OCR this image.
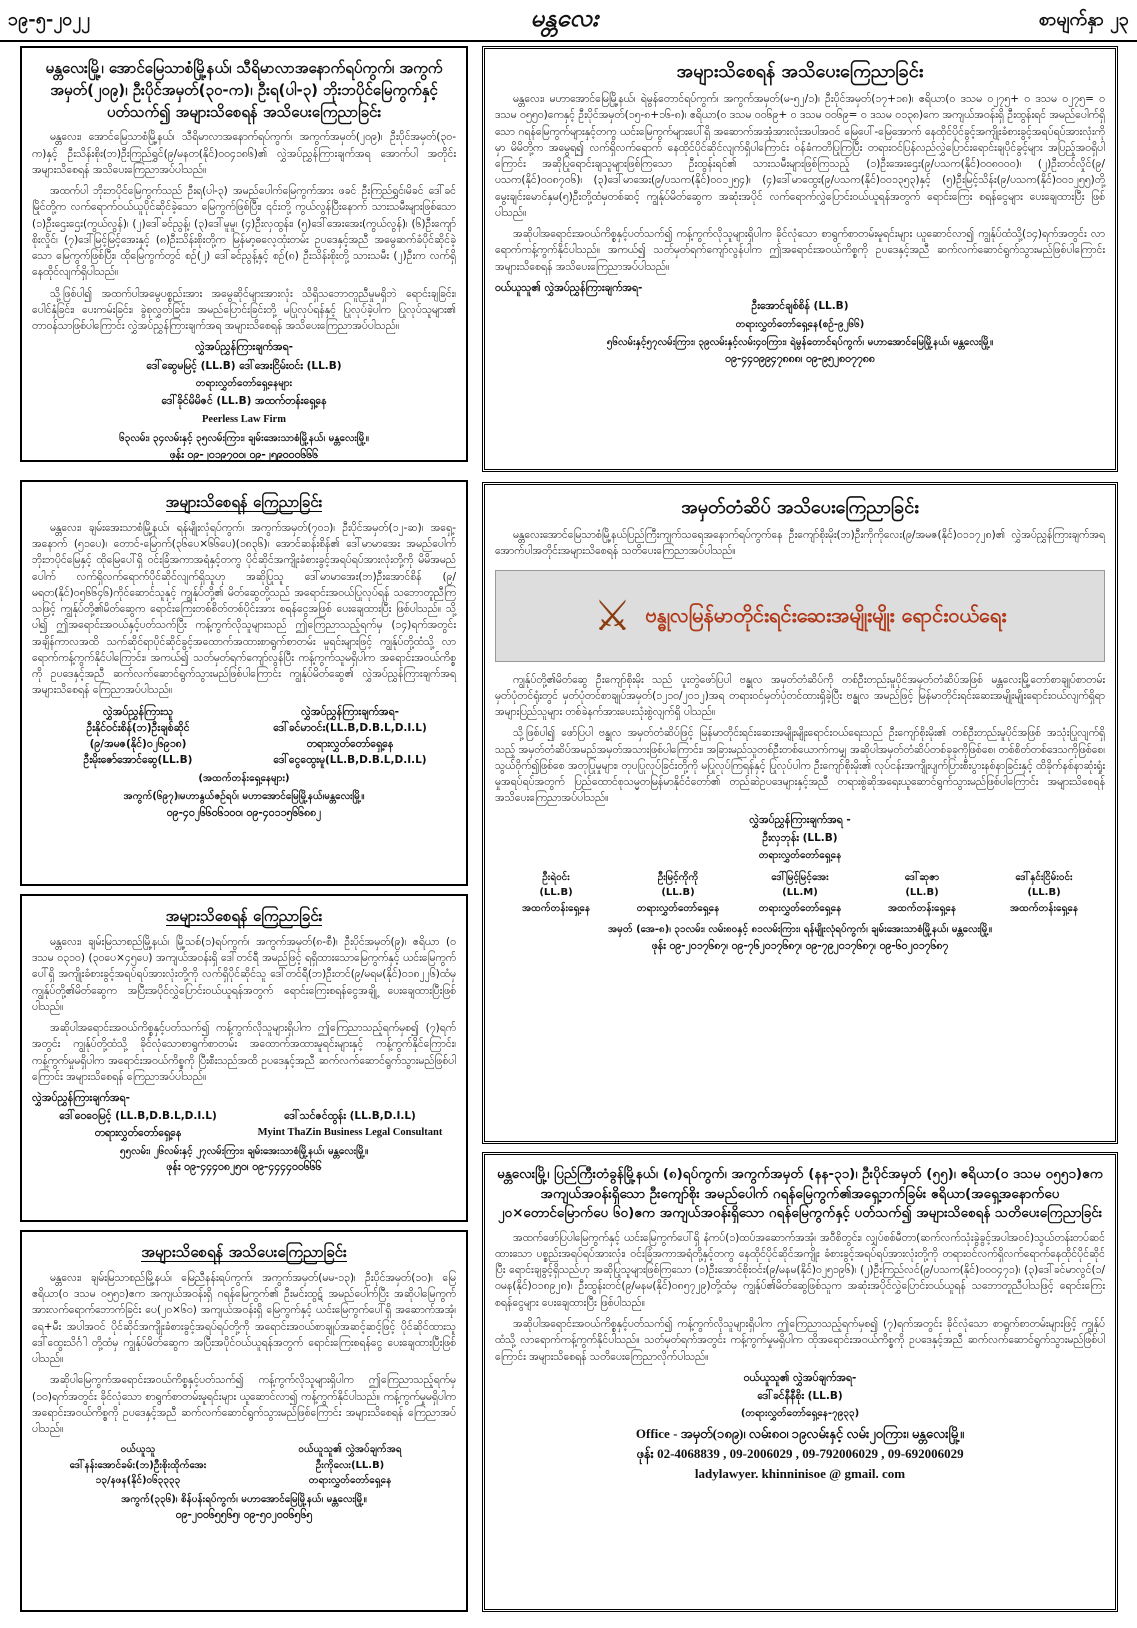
၁၉-၅-၂၀၂၂	မန္တလေး	စာမျက်နှာ ၂၃
မန္တလေးမြို့၊ အောင်မြေသာစံမြို့နယ်၊ သီရိမာလာအနောက်ရပ်ကွက်၊ အကွက်အမှတ်(၂၀၉)၊ ဦးပိုင်အမှတ်(၃၀-က)၊ ဦးရ(ပါ-၃) ဘိုးဘပိုင်မြေကွက်နှင့် ပတ်သက်၍ အများသိစေရန် အသိပေးကြေညာခြင်း

မန္တလေး၊ အောင်မြေသာစံမြို့နယ်၊ သီရိမာလာအနောက်ရပ်ကွက်၊ အကွက်အမှတ်(၂၀၉)၊ ဦးပိုင်အမှတ်(၃၀-က)နှင့် ဦးသိန်းစိုး(ဘ)ဦးကြည်ရွှင်(၉/မနတ(နိုင်)၀၀၄၁၈၆)၏ လွှဲအပ်ညွှန်ကြားချက်အရ အောက်ပါ အတိုင်း အများသိစေရန် အသိပေးကြေညာအပ်ပါသည်။

အထက်ပါ ဘိုးဘပိုင်မြေကွက်သည် ဦးရ(ပါ-၃) အမည်ပေါက်မြေကွက်အား ဖခင် ဦးကြည်ရွှင်၊မိခင် ဒေါ်ခင်မြိုင်တို့က လက်ရောက်ဝယ်ယူပိုင်ဆိုင်ခဲ့သော မြေကွက်ဖြစ်ပြီး၊ ၎င်းတို့ ကွယ်လွန်ပြီးနောက် သားသမီးများဖြစ်သော (၁)ဦးဌေးဌေး(ကွယ်လွန်)၊ (၂)ဒေါ်ခင်ညွန့်၊ (၃)ဒေါ်မူမူ၊ (၄)ဦးလှထွန်း၊ (၅)ဒေါ်အေးအေး(ကွယ်လွန်)၊ (၆)ဦးကျော်စိုးလှိုင်၊ (၇)ဒေါ်မြင့်မြင့်အေးနှင့် (၈)ဦးသိန်းစိုးတို့က မြန်မာ့ဓလေ့ထုံးတမ်း ဥပဒေနှင့်အညီ အမွေဆက်ခံပိုင်ဆိုင်ခဲ့သော မြေကွက်ဖြစ်ပြီး၊ ထိုမြေကွက်တွင် စဉ်(၂) ဒေါ်ခင်ညွန့်နှင့် စဉ်(၈) ဦးသိန်းစိုးတို့ သားသမီး (၂)ဦးက လက်ရှိနေထိုင်လျက်ရှိပါသည်။

သို့ဖြစ်ပါ၍ အထက်ပါအမွေပစ္စည်းအား အမွေဆိုင်များအားလုံး သိရှိသဘောတူညီမှုမရှိဘဲ ရောင်းချခြင်း၊ ပေါင်နှံခြင်း၊ ပေးကမ်းခြင်း၊ ခွဲစုလွှတ်ခြင်း၊ အမည်ပြောင်းခြင်းတို့ မပြုလုပ်ရန်နှင့် ပြုလုပ်ခဲ့ပါက ပြုလုပ်သူများ၏ တာဝန်သာဖြစ်ပါကြောင်း လွှဲအပ်ညွှန်ကြားချက်အရ အများသိစေရန် အသိပေးကြေညာအပ်ပါသည်။

လွှဲအပ်ညွှန်ကြားချက်အရ-
ဒေါ်ဆွေမမြင့် (LL.B) ဒေါ်အေးငြိမ်းဝင်း (LL.B)
တရားလွှတ်တော်ရှေ့နေများ
ဒေါ်ခိုင်မိမိဇင် (LL.B) အထက်တန်းရှေ့နေ
Peerless Law Firm
၆၃လမ်း၊ ၃၄လမ်းနှင့် ၃၅လမ်းကြား၊ ချမ်းအေးသာစံမြို့နယ်၊ မန္တလေးမြို့။
ဖုန်း ၀၉-၂၀၁၉၇၀၀၊ ၀၉-၂၅၉၀၀၀၆၆၆
အများသိစေရန် အသိပေးကြေညာခြင်း

မန္တလေး၊ မဟာအောင်မြေမြို့နယ်၊ ရဲမွန်တောင်ရပ်ကွက်၊ အကွက်အမှတ်(မ-၅၂/၁)၊ ဦးပိုင်အမှတ်(၁၇+၁၈)၊ ဧရိယာ(၀ ဒသမ ၀၂၇၅+ ၀ ဒသမ ၀၂၇၅= ၀ ဒသမ ၀၅၅၀)ကေနှင့် ဦးပိုင်အမှတ်(၁၅-၈+၁၆-၈)၊ ဧရိယာ(၀ ဒသမ ၀၀၆၉+ ၀ ဒသမ ၀၀၆၉= ၀ ဒသမ ၀၁၃၈)ကေ အကျယ်အဝန်းရှိ ဦးထွန်းရင် အမည်ပေါက်ရှိသော ဂရန်မြေကွက်များနှင့်တကွ ယင်းမြေကွက်များပေါ်ရှိ အဆောက်အအုံအားလုံးအပါအဝင် မြေပေါ်-မြေအောက် နေထိုင်ပိုင်ခွင့်အကျိုးခံစားခွင့်အရပ်ရပ်အားလုံးကိုမှာ မိမိတို့က အမွေရ၍ လက်ရှိလက်ရောက် နေထိုင်ပိုင်ဆိုင်လျက်ရှိပါကြောင်း ဝန်ခံကတိပြုကြပြီး တရားဝင်ပြန်လည်လွှဲပြောင်းရောင်းချပိုင်ခွင့်များ အပြည့်အဝရှိပါကြောင်း အဆိုပြုရောင်းချသူများဖြစ်ကြသော ဦးထွန်းရင်၏ သားသမီးများဖြစ်ကြသည့် (၁)ဦးအေးဌေး(၉/ပသက(နိုင်)၀၀၈၀၀၀)၊ (၂)ဦးတင်လှိုင်(၉/ပသက(နိုင်)၀၀၈၇၀၆)၊ (၃)ဒေါ်မာအေး(၉/ပသက(နိုင်)၀၀၁၂၅၄)၊ (၄)ဒေါ်မာထွေး(၉/ပသက(နိုင်)၀၀၁၃၅၃)နှင့် (၅)ဦးမြင့်သိန်း(၉/ပသက(နိုင်)၀၀၁၂၅၅)တို့ မွေးချင်းမောင်နှမ(၅)ဦးတို့ထံမှတစ်ဆင့် ကျွန်ုပ်မိတ်ဆွေက အဆုံးအပိုင် လက်ရောက်လွှဲပြောင်းဝယ်ယူရန်အတွက် ရောင်းကြေး စရန်ငွေများ ပေးချေထားပြီး ဖြစ်ပါသည်။

အဆိုပါအရောင်းအဝယ်ကိစ္စနှင့်ပတ်သက်၍ ကန့်ကွက်လိုသူများရှိပါက ခိုင်လုံသော စာရွက်စာတမ်းမူရင်းများ ယူဆောင်လာ၍ ကျွန်ုပ်ထံသို့(၁၄)ရက်အတွင်း လာရောက်ကန့်ကွက်နိုင်ပါသည်။ အကယ်၍ သတ်မှတ်ရက်ကျော်လွန်ပါက ဤအရောင်းအဝယ်ကိစ္စကို ဥပဒေနှင့်အညီ ဆက်လက်ဆောင်ရွက်သွားမည်ဖြစ်ပါကြောင်း အများသိစေရန် အသိပေးကြေညာအပ်ပါသည်။

ဝယ်ယူသူ၏ လွှဲအပ်ညွှန်ကြားချက်အရ-
ဦးအောင်ချစ်စိန် (LL.B)
တရားလွှတ်တော်ရှေ့နေ(စဉ်-၉၂၆၆)
၅၆လမ်းနှင့်၅၇လမ်းကြား၊ ၃၉လမ်းနှင့်လမ်း၄၀ကြား၊ ရဲမွန်တောင်ရပ်ကွက်၊ မဟာအောင်မြေမြို့နယ်၊ မန္တလေးမြို့။
၀၉-၄၄၀၉၉၄၇၈၈၈၊ ၀၉-၉၅၂၈၀၇၇၈၈
အများသိစေရန် ကြေညာခြင်း

မန္တလေး၊ ချမ်းအေးသာစံမြို့နယ်၊ ရန်မျိုးလုံရပ်ကွက်၊ အကွက်အမှတ်(၇၀၁)၊ ဦးပိုင်အမှတ်(၁၂-ဆ)၊ အရှေ့-အနောက် (၅၁ပေ)၊ တောင်-မြောက်(၃၆ပေ×၆၆ပေ)(၁၈၃၆)၊ အောင်ဆန်းစိန်၏ ဒေါ်မာမာအေး အမည်ပေါက် ဘိုးဘပိုင်မြေနှင့် ထိုမြေပေါ်ရှိ ဝင်းခြံအကာအရံနှင့်တကွ ပိုင်ဆိုင်အကျိုးခံစားခွင့်အရပ်ရပ်အားလုံးတို့ကို မိမိအမည်ပေါက် လက်ရှိလက်ရောက်ပိုင်ဆိုင်လျက်ရှိသူဟု အဆိုပြုသူ ဒေါ်မာမာအေး(ဘ)ဦးအောင်စိန် (၉/မရတ(နိုင်)၀၅၆၆၄၆)ကိုင်ဆောင်သူနှင့် ကျွန်ုပ်တို့၏ မိတ်ဆွေတို့သည် အရောင်းအဝယ်ပြုလုပ်ရန် သဘောတူညီကြသဖြင့် ကျွန်ုပ်တို့၏မိတ်ဆွေက ရောင်းကြေးတစ်စိတ်တစ်ပိုင်းအား စရန်ငွေအဖြစ် ပေးချေထားပြီး ဖြစ်ပါသည်။ သို့ပါ၍ ဤအရောင်းအဝယ်နှင့်ပတ်သက်ပြီး ကန့်ကွက်လိုသူများသည် ဤကြေညာသည့်ရက်မှ (၁၄)ရက်အတွင်း အချိန်ကာလအထိ သက်ဆိုင်ရာပိုင်ဆိုင်ခွင့်အထောက်အထားစာရွက်စာတမ်း မူရင်းများဖြင့် ကျွန်ုပ်တို့ထံသို့ လာရောက်ကန့်ကွက်နိုင်ပါကြောင်း၊ အကယ်၍ သတ်မှတ်ရက်ကျော်လွန်ပြီး ကန့်ကွက်သူမရှိပါက အရောင်းအဝယ်ကိစ္စကို ဥပဒေနှင့်အညီ ဆက်လက်ဆောင်ရွက်သွားမည်ဖြစ်ပါကြောင်း ကျွန်ုပ်မိတ်ဆွေ၏ လွှဲအပ်ညွှန်ကြားချက်အရ အများသိစေရန် ကြေညာအပ်ပါသည်။

လွှဲအပ်ညွှန်ကြားသူ
ဦးနိုင်ဝင်းစိန်(ဘ)ဦးချစ်ဆိုင်
(၉/အမဇ(နိုင်)၀၂၆၉၁၈)
လွှဲအပ်ညွှန်ကြားချက်အရ-
ဒေါ်ခင်မာဝင်း(LL.B,D.B.L,D.I.L)
တရားလွှတ်တော်ရှေ့နေ
ဦးမိုးဇော်အောင်ဆွေ(LL.B)	ဒေါ်ငွေထွေးမူ(LL.B,D.B.L,D.I.L)
(အထက်တန်းရှေ့နေများ)
အကွက်(၆၉၇)၊မဟာနွယ်ဇဉ်ရပ်၊ မဟာအောင်မြေမြို့နယ်၊မန္တလေးမြို့။
၀၉-၄၀၂၆၆၀၆၁၀၀၊ ၀၉-၄၀၁၁၅၆၆၈၈၂
အမှတ်တံဆိပ် အသိပေးကြေညာခြင်း

မန္တလေးအောင်မြေသာစံမြို့နယ်ပြည်ကြီးကျက်သရေအနောက်ရပ်ကွက်နေ ဦးကျော်စိုးမိုး(ဘ)ဦးကိုကိုလေး(၉/အမဇ(နိုင်)၀၁၁၇၂၈)၏ လွှဲအပ်ညွှန်ကြားချက်အရ အောက်ပါအတိုင်းအများသိစေရန် သတိပေးကြေညာအပ်ပါသည်။

⚔ ဗန္ဓုလမြန်မာတိုင်းရင်းဆေးအမျိုးမျိုး ရောင်းဝယ်ရေး

ကျွန်ုပ်တို့၏မိတ်ဆွေ ဦးကျော်စိုးမိုး သည် ပူးတွဲဖော်ပြပါ ဗန္ဓုလ အမှတ်တံဆိပ်ကို တစ်ဦးတည်းမူပိုင်အမှတ်တံဆိပ်အဖြစ် မန္တလေးမြို့တော်စာချုပ်စာတမ်းမှတ်ပုံတင်ရုံးတွင် မှတ်ပုံတင်စာချုပ်အမှတ်(၁၂၁၀/၂၀၁၂)အရ တရားဝင်မှတ်ပုံတင်ထားရှိခဲ့ပြီး ဗန္ဓုလ အမည်ဖြင့် မြန်မာတိုင်းရင်းဆေးအမျိုးမျိုးရောင်းဝယ်လျက်ရှိရာ အများပြည်သူများ တစ်ခဲနက်အားပေးသုံးစွဲလျက်ရှိ ပါသည်။

သို့ဖြစ်ပါ၍ ဖော်ပြပါ ဗန္ဓုလ အမှတ်တံဆိပ်ဖြင့် မြန်မာတိုင်းရင်းဆေးအမျိုးမျိုးရောင်းဝယ်ရေးသည် ဦးကျော်စိုးမိုး၏ တစ်ဦးတည်းမူပိုင်အဖြစ် အသုံးပြုလျက်ရှိသည့် အမှတ်တံဆိပ်အမည်အမှတ်အသားဖြစ်ပါကြောင်း၊ အခြားမည်သူတစ်ဦးတစ်ယောက်ကမျှ အဆိုပါအမှတ်တံဆိပ်တစ်ခုခုကိုဖြစ်စေ၊ တစ်စိတ်တစ်ဒေသကိုဖြစ်စေ၊ သွယ်ဝိုက်၍ဖြစ်စေ အတုပြုမှုများ၊ တုပပြုလုပ်ခြင်းတို့ကို မပြုလုပ်ကြရန်နှင့် ပြုလုပ်ပါက ဦးကျော်စိုးမိုး၏ လုပ်ငန်းအကျိုးပျက်ပြားစီးပွားနစ်နာခြင်းနှင့် ထိခိုက်နစ်နာဆုံးရှုံးမှုအရပ်ရပ်အတွက် ပြည်ထောင်စုသမ္မတမြန်မာနိုင်ငံတော်၏ တည်ဆဲဥပဒေများနှင့်အညီ တရားစွဲဆိုအရေးယူဆောင်ရွက်သွားမည်ဖြစ်ပါကြောင်း အများသိစေရန် အသိပေးကြေညာအပ်ပါသည်။

လွှဲအပ်ညွှန်ကြားချက်အရ -
ဦးလှဘုန်း (LL.B)
တရားလွှတ်တော်ရှေ့နေ
ဦးရဲဝင်း
(LL.B)
အထက်တန်းရှေ့နေ
ဦးမြင့်ကိုကို
(LL.B)
တရားလွှတ်တော်ရှေ့နေ
ဒေါ်မြင့်မြင့်အေး
(LL.M)
တရားလွှတ်တော်ရှေ့နေ
ဒေါ်ဆုဇာ
(LL.B)
အထက်တန်းရှေ့နေ
ဒေါ်နှင်းငြိမ်းဝင်း
(LL.B)
အထက်တန်းရှေ့နေ
အမှတ် (အေ-၈)၊ ၃၁လမ်း၊ လမ်း၈၀နှင့် ၈၁လမ်းကြား၊ ရန်မျိုးလုံရပ်ကွက်၊ ချမ်းအေးသာစံမြို့နယ်၊ မန္တလေးမြို့။
ဖုန်း ၀၉-၂၀၁၇၆၈၇၊ ၀၉-၇၆၂၀၁၇၆၈၇၊ ၀၉-၇၉၂၀၁၇၆၈၇၊ ၀၉-၆၀၂၀၁၇၆၈၇
အများသိစေရန် ကြေညာခြင်း

မန္တလေး၊ ချမ်းမြသာစည်မြို့နယ်၊ မြို့သစ်(၁)ရပ်ကွက်၊ အကွက်အမှတ်(၈-စီ)၊ ဦးပိုင်အမှတ်(၉)၊ ဧရိယာ (၀ ဒသမ ၀၃၁၀) (၃၀ပေ×၄၅ပေ) အကျယ်အဝန်းရှိ ဒေါ်တင်ရီ အမည်ဖြင့် ရရှိထားသောမြေကွက်နှင့် ယင်းမြေကွက်ပေါ်ရှိ အကျိုးခံစားခွင့်အရပ်ရပ်အားလုံးတို့ကို လက်ရှိပိုင်ဆိုင်သူ ဒေါ်တင်ရီ(ဘ)ဦးတင်(၉/မရမ(နိုင်)၀၁၈၂၂၆)ထံမှ ကျွန်ုပ်တို့၏မိတ်ဆွေက အပြီးအပိုင်လွှဲပြောင်းဝယ်ယူရန်အတွက် ရောင်းကြေးစရန်ငွေအချို့ ပေးချေထားပြီးဖြစ်ပါသည်။

အဆိုပါအရောင်းအဝယ်ကိစ္စနှင့်ပတ်သက်၍ ကန့်ကွက်လိုသူများရှိပါက ဤကြေညာသည့်ရက်မှစ၍ (၇)ရက်အတွင်း ကျွန်ုပ်တို့ထံသို့ ခိုင်လုံသောစာရွက်စာတမ်း အထောက်အထားမူရင်းများနှင့် ကန့်ကွက်နိုင်ကြောင်း၊ ကန့်ကွက်မှုမရှိပါက အရောင်းအဝယ်ကိစ္စကို ပြီးစီးသည်အထိ ဥပဒေနှင့်အညီ ဆက်လက်ဆောင်ရွက်သွားမည်ဖြစ်ပါကြောင်း အများသိစေရန် ကြေညာအပ်ပါသည်။

လွှဲအပ်ညွှန်ကြားချက်အရ-
ဒေါ်ဝေဝေမြင့် (LL.B,D.B.L,D.I.L)	ဒေါ်သင်ဇင်ထွန်း (LL.B,D.I.L)
တရားလွှတ်တော်ရှေ့နေ	Myint ThaZin Business Legal Consultant
၅၅လမ်း၊ ၂၆လမ်းနှင့် ၂၇လမ်းကြား၊ ချမ်းအေးသာစံမြို့နယ်၊ မန္တလေးမြို့။
ဖုန်း ၀၉-၄၄၄၀၈၂၅၀၊ ၀၉-၄၄၄၄၀၀၆၆၆
အများသိစေရန် အသိပေးကြေညာခြင်း

မန္တလေး၊ ချမ်းမြသာစည်မြို့နယ်၊ မြေညီနန်းရပ်ကွက်၊ အကွက်အမှတ်(မမ-၁၃)၊ ဦးပိုင်အမှတ်(၁၀)၊ မြေဧရိယာ(၀ ဒသမ ၀၅၅၁)ဧက အကျယ်အဝန်းရှိ ဂရန်မြေကွက်၏ ဦးမင်းထွဋ် အမည်ပေါက်ပြီး အဆိုပါမြေကွက်အားလက်ရောက်ဘောက်ခြင်း ပေ(၂၀×၆၀) အကျယ်အဝန်းရှိ မြေကွက်နှင့် ယင်းမြေကွက်ပေါ်ရှိ အဆောက်အအုံ၊ ရေ+မီး အပါအဝင် ပိုင်ဆိုင်အကျိုးခံစားခွင့်အရပ်ရပ်တို့ကို အရောင်းအဝယ်စာချုပ်အဆင့်ဆင့်ဖြင့် ပိုင်ဆိုင်ထားသူ ဒေါ်ထွေးသိင်္ဂါ တို့ထံမှ ကျွန်ုပ်မိတ်ဆွေက အပြီးအပိုင်ဝယ်ယူရန်အတွက် ရောင်းကြေးစရန်ငွေ ပေးချေထားပြီးဖြစ်ပါသည်။

အဆိုပါမြေကွက်အရောင်းအဝယ်ကိစ္စနှင့်ပတ်သက်၍ ကန့်ကွက်လိုသူများရှိပါက ဤကြေညာသည့်ရက်မှ (၁၀)ရက်အတွင်း ခိုင်လုံသော စာရွက်စာတမ်းမူရင်းများ ယူဆောင်လာ၍ ကန့်ကွက်နိုင်ပါသည်။ ကန့်ကွက်မှုမရှိပါက အရောင်းအဝယ်ကိစ္စကို ဥပဒေနှင့်အညီ ဆက်လက်ဆောင်ရွက်သွားမည်ဖြစ်ကြောင်း အများသိစေရန် ကြေညာအပ်ပါသည်။

ဝယ်ယူသူ
ဒေါ်နန်းအောင်ခမ်း(ဘ)ဦးစိုးထိုက်အေး
၁၃/နဖန(နိုင်)၀၆၃၃၃၃
ဝယ်ယူသူ၏ လွှဲအပ်ချက်အရ
ဦးကိုလေး(LL.B)
တရားလွှတ်တော်ရှေ့နေ
အကွက်(၃၃၆)၊ စိန်ပန်းရပ်ကွက်၊ မဟာအောင်မြေမြို့နယ်၊ မန္တလေးမြို့။
၀၉-၂၀၀၆၅၅၆၅၊ ၀၉-၅၀၂၀၀၆၅၆၅
မန္တလေးမြို့၊ ပြည်ကြီးတံခွန်မြို့နယ်၊ (၈)ရပ်ကွက်၊ အကွက်အမှတ် (နန-၃၁)၊ ဦးပိုင်အမှတ် (၅၅)၊ ဧရိယာ(၀ ဒသမ ၀၅၅၁)ဧက အကျယ်အဝန်းရှိသော ဦးကျော်စိုး အမည်ပေါက် ဂရန်မြေကွက်၏အရှေ့ဘက်ခြမ်း ဧရိယာ(အရှေ့အနောက်ပေ ၂၀×တောင်မြောက်ပေ ၆၀)ဧက အကျယ်အဝန်းရှိသော ဂရန်မြေကွက်နှင့် ပတ်သက်၍ အများသိစေရန် သတိပေးကြေညာခြင်း

အထက်ဖော်ပြပါမြေကွက်နှင့် ယင်းမြေကွက်ပေါ်ရှိ နံကပ်(၁)ထပ်အဆောက်အအုံ၊ အဝီစိတွင်း၊ လျှပ်စစ်မီတာ(ဆက်လက်သုံးခွဲခွင့်အပါအဝင်)သွယ်တန်းတပ်ဆင်ထားသော ပစ္စည်းအရပ်ရပ်အားလုံး၊ ဝင်းခြံအကာအရံတို့နှင့်တကွ နေထိုင်ပိုင်ဆိုင်အကျိုး ခံစားခွင့်အရပ်ရပ်အားလုံးတို့ကို တရားဝင်လက်ရှိလက်ရောက်နေထိုင်ပိုင်ဆိုင်ပြီး ရောင်းချခွင့်ရှိသည်ဟု အဆိုပြုသူများဖြစ်ကြသော (၁)ဦးအောင်စိုးဝင်း(၉/မနမ(နိုင်)၀၂၅၁၉၆)၊ (၂)ဦးကြည်လင်(၉/ပသက(နိုင်)၀၀၀၄၇၁)၊ (၃)ဒေါ်ခင်မာလွင်(၁/ဝမန(နိုင်)၀၁၈၉၂၈)၊ ဦးထွန်းတင်(၉/မနမ(နိုင်)၀၈၅၇၂၉)တို့ထံမှ ကျွန်ုပ်၏မိတ်ဆွေဖြစ်သူက အဆုံးအပိုင်လွှဲပြောင်းဝယ်ယူရန် သဘောတူညီပါသဖြင့် ရောင်းကြေးစရန်ငွေများ ပေးချေထားပြီး ဖြစ်ပါသည်။

အဆိုပါအရောင်းအဝယ်ကိစ္စနှင့်ပတ်သက်၍ ကန့်ကွက်လိုသူများရှိပါက ဤကြေညာသည့်ရက်မှစ၍ (၇)ရက်အတွင်း ခိုင်လုံသော စာရွက်စာတမ်းများဖြင့် ကျွန်ုပ်ထံသို့ လာရောက်ကန့်ကွက်နိုင်ပါသည်။ သတ်မှတ်ရက်အတွင်း ကန့်ကွက်မှုမရှိပါက ထိုအရောင်းအဝယ်ကိစ္စကို ဥပဒေနှင့်အညီ ဆက်လက်ဆောင်ရွက်သွားမည်ဖြစ်ပါကြောင်း အများသိစေရန် သတိပေးကြေညာလိုက်ပါသည်။

ဝယ်ယူသူ၏ လွှဲအပ်ချက်အရ-
ဒေါ်ခင်နီနီစိုး (LL.B)
(တရားလွှတ်တော်ရှေ့နေ-၇၉၃၃)
Office - အမှတ်(၁၈၉)၊ လမ်း၈၀၊ ၁၉လမ်းနှင့် လမ်း၂၀ကြား၊ မန္တလေးမြို့။
ဖုန်း 02-4068839 , 09-2006029 , 09-792006029 , 09-692006029
ladylawyer. khinninisoe @ gmail. com
